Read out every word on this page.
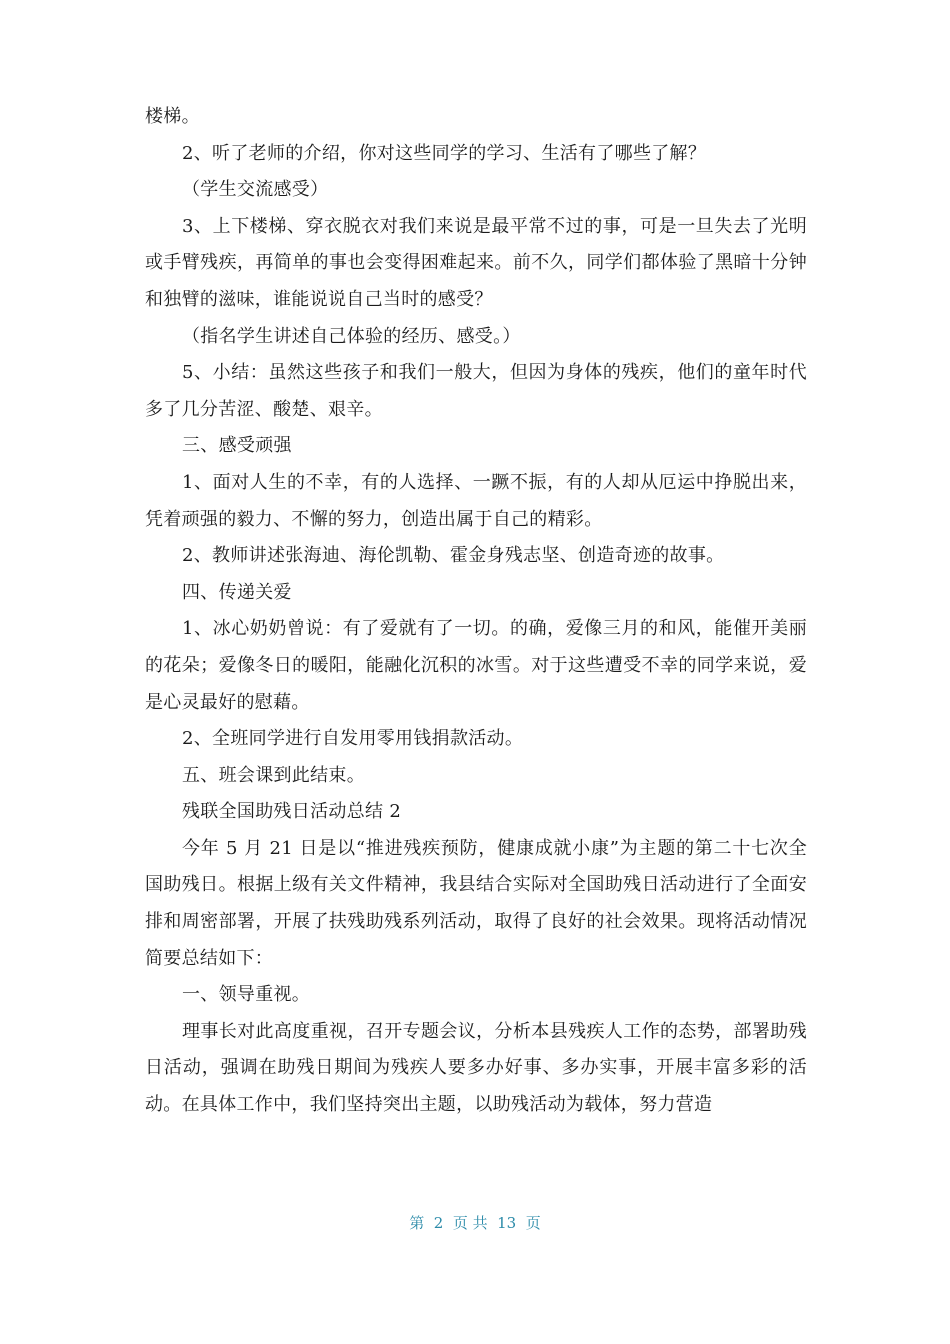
楼梯。

2、听了老师的介绍，你对这些同学的学习、生活有了哪些了解？

（学生交流感受）

3、上下楼梯、穿衣脱衣对我们来说是最平常不过的事，可是一旦失去了光明或手臂残疾，再简单的事也会变得困难起来。前不久，同学们都体验了黑暗十分钟和独臂的滋味，谁能说说自己当时的感受？

（指名学生讲述自己体验的经历、感受。）

5、小结：虽然这些孩子和我们一般大，但因为身体的残疾，他们的童年时代多了几分苦涩、酸楚、艰辛。

三、感受顽强

1、面对人生的不幸，有的人选择、一蹶不振，有的人却从厄运中挣脱出来，凭着顽强的毅力、不懈的努力，创造出属于自己的精彩。

2、教师讲述张海迪、海伦凯勒、霍金身残志坚、创造奇迹的故事。

四、传递关爱

1、冰心奶奶曾说：有了爱就有了一切。的确，爱像三月的和风，能催开美丽的花朵；爱像冬日的暖阳，能融化沉积的冰雪。对于这些遭受不幸的同学来说，爱是心灵最好的慰藉。

2、全班同学进行自发用零用钱捐款活动。

五、班会课到此结束。

残联全国助残日活动总结 2

今年 5 月 21 日是以“推进残疾预防，健康成就小康”为主题的第二十七次全国助残日。根据上级有关文件精神，我县结合实际对全国助残日活动进行了全面安排和周密部署，开展了扶残助残系列活动，取得了良好的社会效果。现将活动情况简要总结如下：

一、领导重视。

理事长对此高度重视，召开专题会议，分析本县残疾人工作的态势，部署助残日活动，强调在助残日期间为残疾人要多办好事、多办实事，开展丰富多彩的活动。在具体工作中，我们坚持突出主题，以助残活动为载体，努力营造

第  2  页 共  13  页
